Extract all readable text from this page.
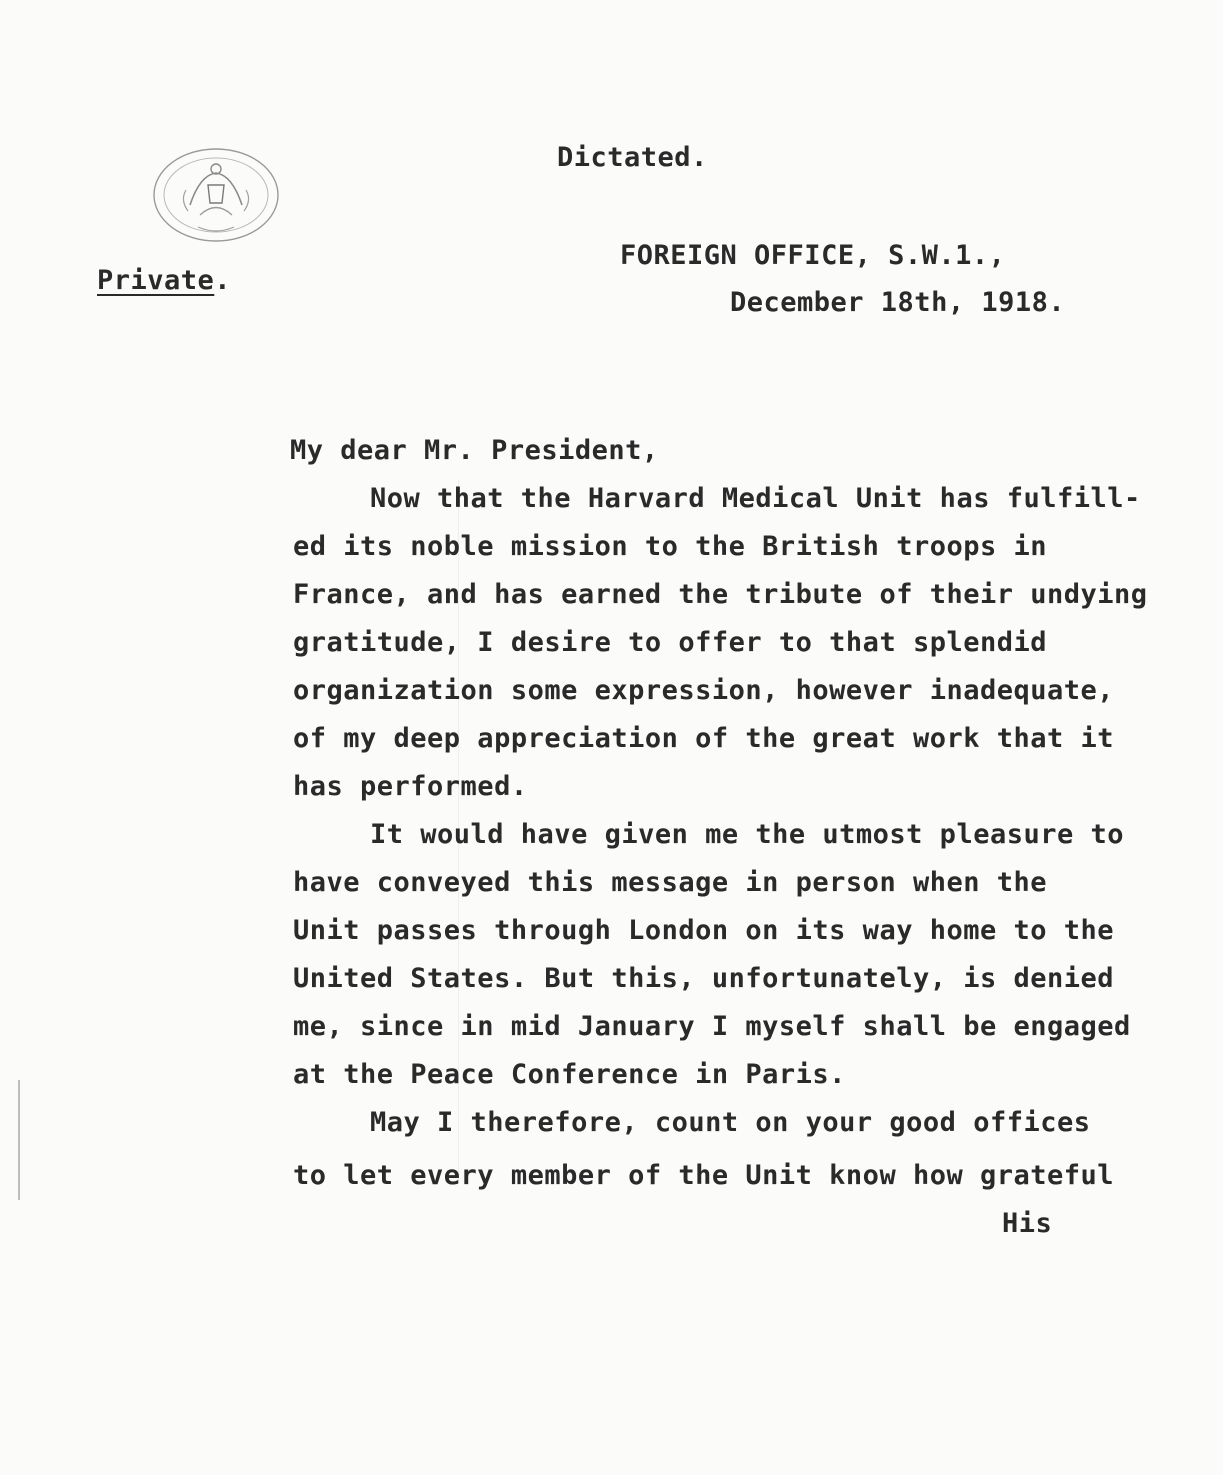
Dictated.
FOREIGN OFFICE, S.W.1.,
December 18th, 1918.
Private.
My dear Mr. President,
Now that the Harvard Medical Unit has fulfill-
ed its noble mission to the British troops in
France, and has earned the tribute of their undying
gratitude, I desire to offer to that splendid
organization some expression, however inadequate,
of my deep appreciation of the great work that it
has performed.
It would have given me the utmost pleasure to
have conveyed this message in person when the
Unit passes through London on its way home to the
United States. But this, unfortunately, is denied
me, since in mid January I myself shall be engaged
at the Peace Conference in Paris.
May I therefore, count on your good offices
to let every member of the Unit know how grateful
His
